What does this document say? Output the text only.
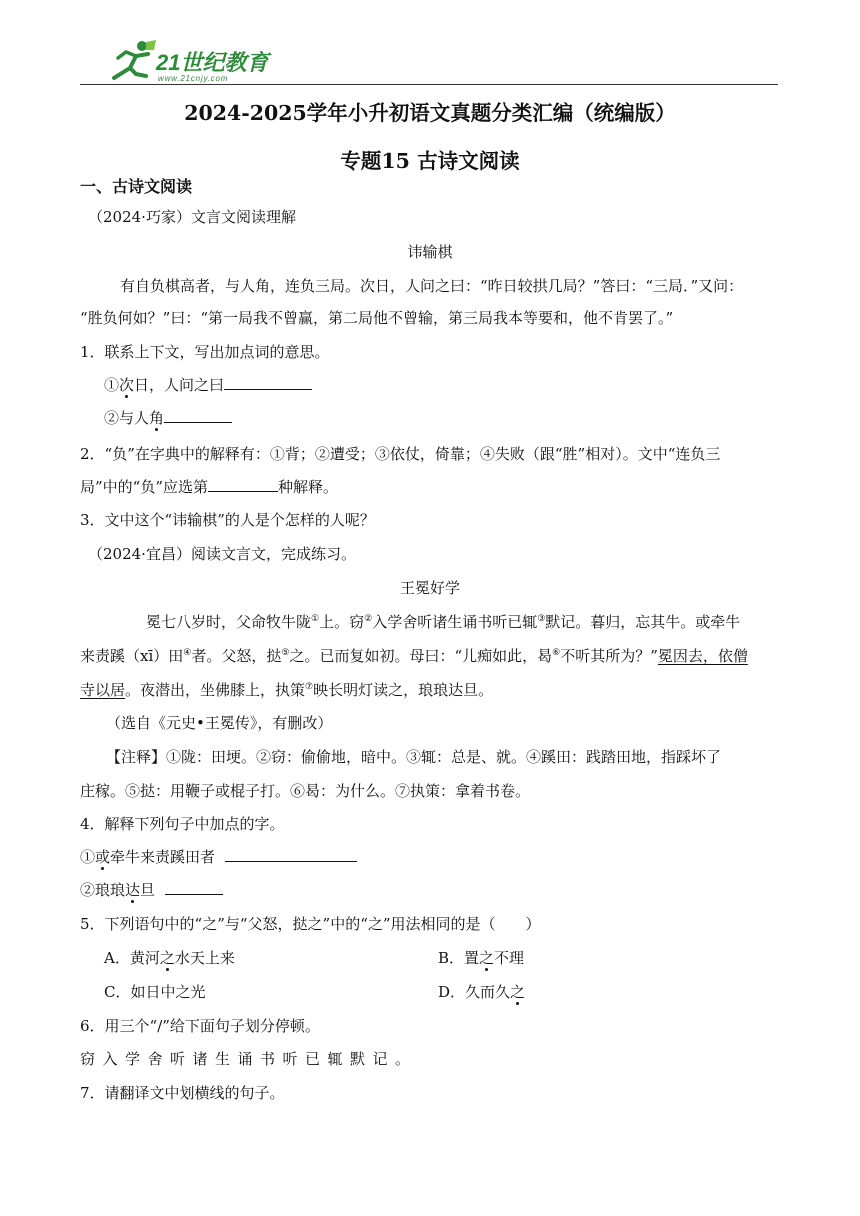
21世纪教育
www.21cnjy.com
2024-2025学年小升初语文真题分类汇编（统编版）
专题15 古诗文阅读
一、古诗文阅读
（2024·巧家）文言文阅读理解
讳输棋
有自负棋高者，与人角，连负三局。次日，人问之曰：“昨日较拱几局？”答曰：“三局．”又问：
“胜负何如？”曰：“第一局我不曾赢，第二局他不曾输，第三局我本等要和，他不肯罢了。”
1．联系上下文，写出加点词的意思。
①次日，人问之曰
②与人角
2．“负”在字典中的解释有：①背；②遭受；③依仗，倚靠；④失败（跟“胜”相对）。文中“连负三
局”中的“负”应选第	种解释。
3．文中这个“讳输棋”的人是个怎样的人呢？
（2024·宜昌）阅读文言文，完成练习。
王冕好学
冕七八岁时，父命牧牛陇①上。窃②入学舍听诸生诵书听已辄③默记。暮归，忘其牛。或牵牛
来责蹊（xī）田④者。父怒，挞⑤之。已而复如初。母曰：“儿痴如此，曷⑥不听其所为？”冕因去，依僧
寺以居。夜潜出，坐佛膝上，执策⑦映长明灯读之，琅琅达旦。
（选自《元史•王冕传》，有删改）
【注释】①陇：田埂。②窃：偷偷地，暗中。③辄：总是、就。④蹊田：践踏田地，指踩坏了
庄稼。⑤挞：用鞭子或棍子打。⑥曷：为什么。⑦执策：拿着书卷。
4．解释下列句子中加点的字。
①或牵牛来责蹊田者
②琅琅达旦
5．下列语句中的“之”与“父怒，挞之”中的“之”用法相同的是（　　）
A．黄河之水天上来	B．置之不理
C．如日中之光	D．久而久之
6．用三个“/”给下面句子划分停顿。
窃入学舍听诸生诵书听已辄默记。
7．请翻译文中划横线的句子。
